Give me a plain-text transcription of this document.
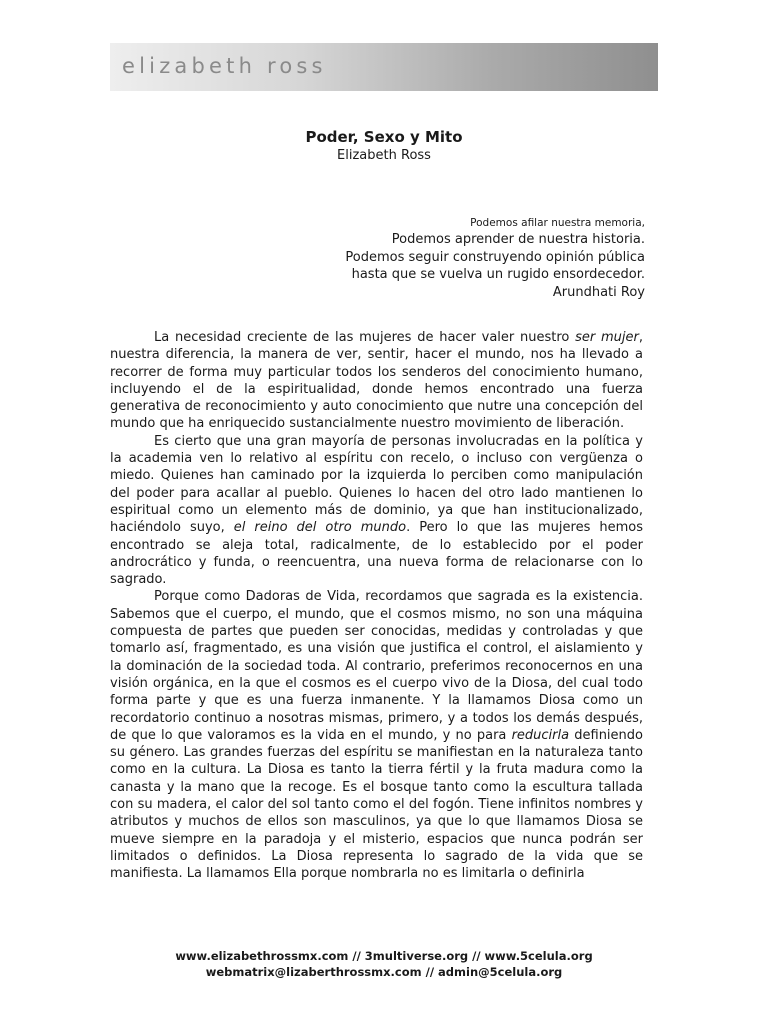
elizabeth ross
Poder, Sexo y Mito
Elizabeth Ross
Podemos afilar nuestra memoria,
Podemos aprender de nuestra historia.
Podemos seguir construyendo opinión pública
hasta que se vuelva un rugido ensordecedor.
Arundhati Roy

La necesidad creciente de las mujeres de hacer valer nuestro ser mujer, nuestra diferencia, la manera de ver, sentir, hacer el mundo, nos ha llevado a recorrer de forma muy particular todos los senderos del conocimiento humano, incluyendo el de la espiritualidad, donde hemos encontrado una fuerza generativa de reconocimiento y auto conocimiento que nutre una concepción del mundo que ha enriquecido sustancialmente nuestro movimiento de liberación.

Es cierto que una gran mayoría de personas involucradas en la política y la academia ven lo relativo al espíritu con recelo, o incluso con vergüenza o miedo. Quienes han caminado por la izquierda lo perciben como manipulación del poder para acallar al pueblo. Quienes lo hacen del otro lado mantienen lo espiritual como un elemento más de dominio, ya que han institucionalizado, haciéndolo suyo, el reino del otro mundo. Pero lo que las mujeres hemos encontrado se aleja total, radicalmente, de lo establecido por el poder androcrático y funda, o reencuentra, una nueva forma de relacionarse con lo sagrado.

Porque como Dadoras de Vida, recordamos que sagrada es la existencia. Sabemos que el cuerpo, el mundo, que el cosmos mismo, no son una máquina compuesta de partes que pueden ser conocidas, medidas y controladas y que tomarlo así, fragmentado, es una visión que justifica el control, el aislamiento y la dominación de la sociedad toda. Al contrario, preferimos reconocernos en una visión orgánica, en la que el cosmos es el cuerpo vivo de la Diosa, del cual todo forma parte y que es una fuerza inmanente. Y la llamamos Diosa como un recordatorio continuo a nosotras mismas, primero, y a todos los demás después, de que lo que valoramos es la vida en el mundo, y no para reducirla definiendo su género. Las grandes fuerzas del espíritu se manifiestan en la naturaleza tanto como en la cultura. La Diosa es tanto la tierra fértil y la fruta madura como la canasta y la mano que la recoge. Es el bosque tanto como la escultura tallada con su madera, el calor del sol tanto como el del fogón. Tiene infinitos nombres y atributos y muchos de ellos son masculinos, ya que lo que llamamos Diosa se mueve siempre en la paradoja y el misterio, espacios que nunca podrán ser limitados o definidos. La Diosa representa lo sagrado de la vida que se manifiesta. La llamamos Ella porque nombrarla no es limitarla o definirla

www.elizabethrossmx.com // 3multiverse.org // www.5celula.org
webmatrix@lizaberthrossmx.com // admin@5celula.org
